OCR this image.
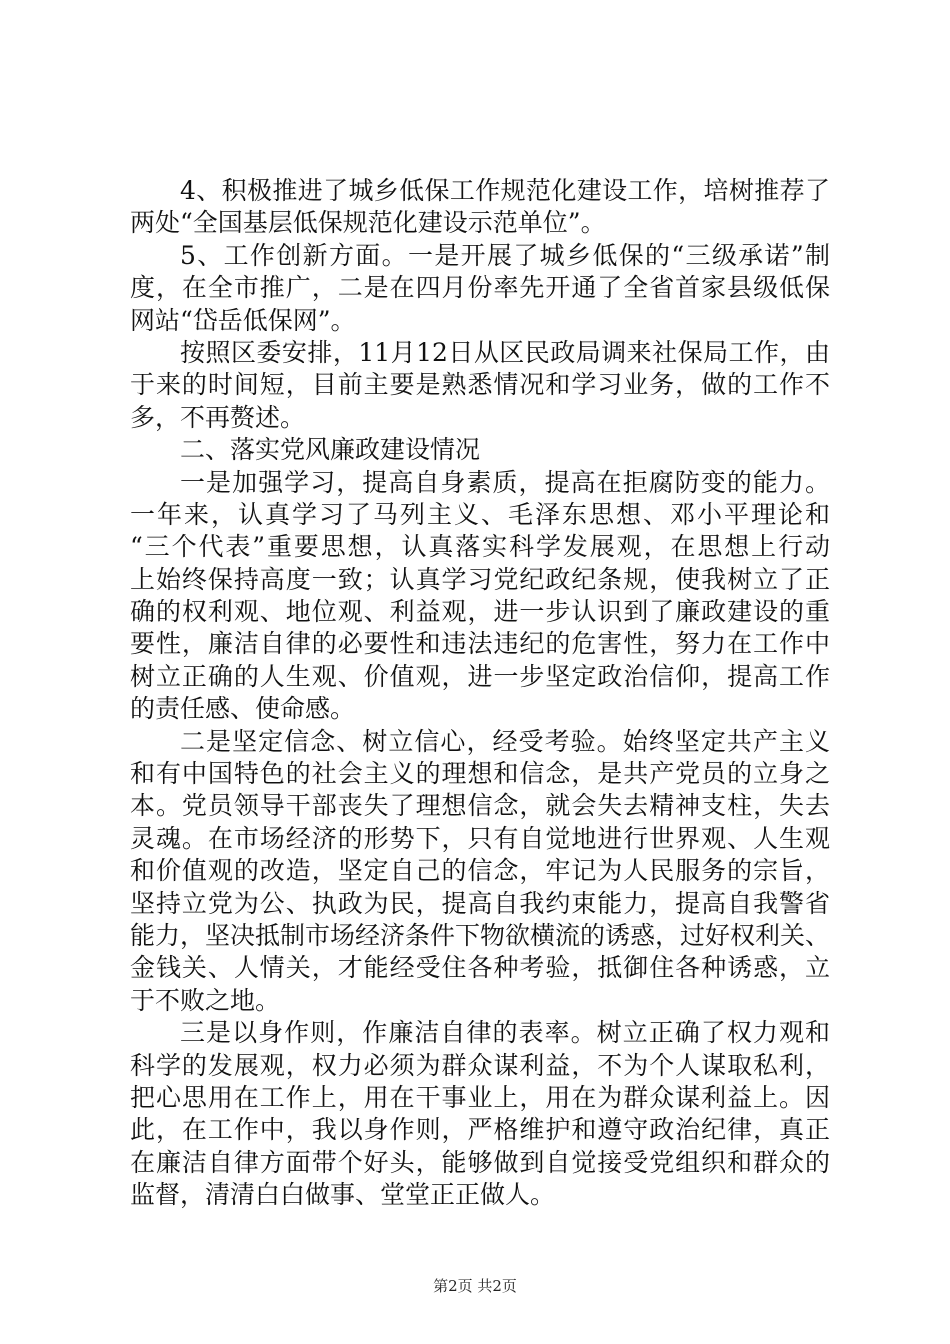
4、积极推进了城乡低保工作规范化建设工作，培树推荐了
两处“全国基层低保规范化建设示范单位”。
5、工作创新方面。一是开展了城乡低保的“三级承诺”制
度，在全市推广，二是在四月份率先开通了全省首家县级低保
网站“岱岳低保网”。
按照区委安排，11月12日从区民政局调来社保局工作，由
于来的时间短，目前主要是熟悉情况和学习业务，做的工作不
多，不再赘述。
二、落实党风廉政建设情况
一是加强学习，提高自身素质，提高在拒腐防变的能力。
一年来，认真学习了马列主义、毛泽东思想、邓小平理论和
“三个代表”重要思想，认真落实科学发展观，在思想上行动
上始终保持高度一致；认真学习党纪政纪条规，使我树立了正
确的权利观、地位观、利益观，进一步认识到了廉政建设的重
要性，廉洁自律的必要性和违法违纪的危害性，努力在工作中
树立正确的人生观、价值观，进一步坚定政治信仰，提高工作
的责任感、使命感。
二是坚定信念、树立信心，经受考验。始终坚定共产主义
和有中国特色的社会主义的理想和信念，是共产党员的立身之
本。党员领导干部丧失了理想信念，就会失去精神支柱，失去
灵魂。在市场经济的形势下，只有自觉地进行世界观、人生观
和价值观的改造，坚定自己的信念，牢记为人民服务的宗旨，
坚持立党为公、执政为民，提高自我约束能力，提高自我警省
能力，坚决抵制市场经济条件下物欲横流的诱惑，过好权利关、
金钱关、人情关，才能经受住各种考验，抵御住各种诱惑，立
于不败之地。
三是以身作则，作廉洁自律的表率。树立正确了权力观和
科学的发展观，权力必须为群众谋利益，不为个人谋取私利，
把心思用在工作上，用在干事业上，用在为群众谋利益上。因
此，在工作中，我以身作则，严格维护和遵守政治纪律，真正
在廉洁自律方面带个好头，能够做到自觉接受党组织和群众的
监督，清清白白做事、堂堂正正做人。
第2页 共2页
